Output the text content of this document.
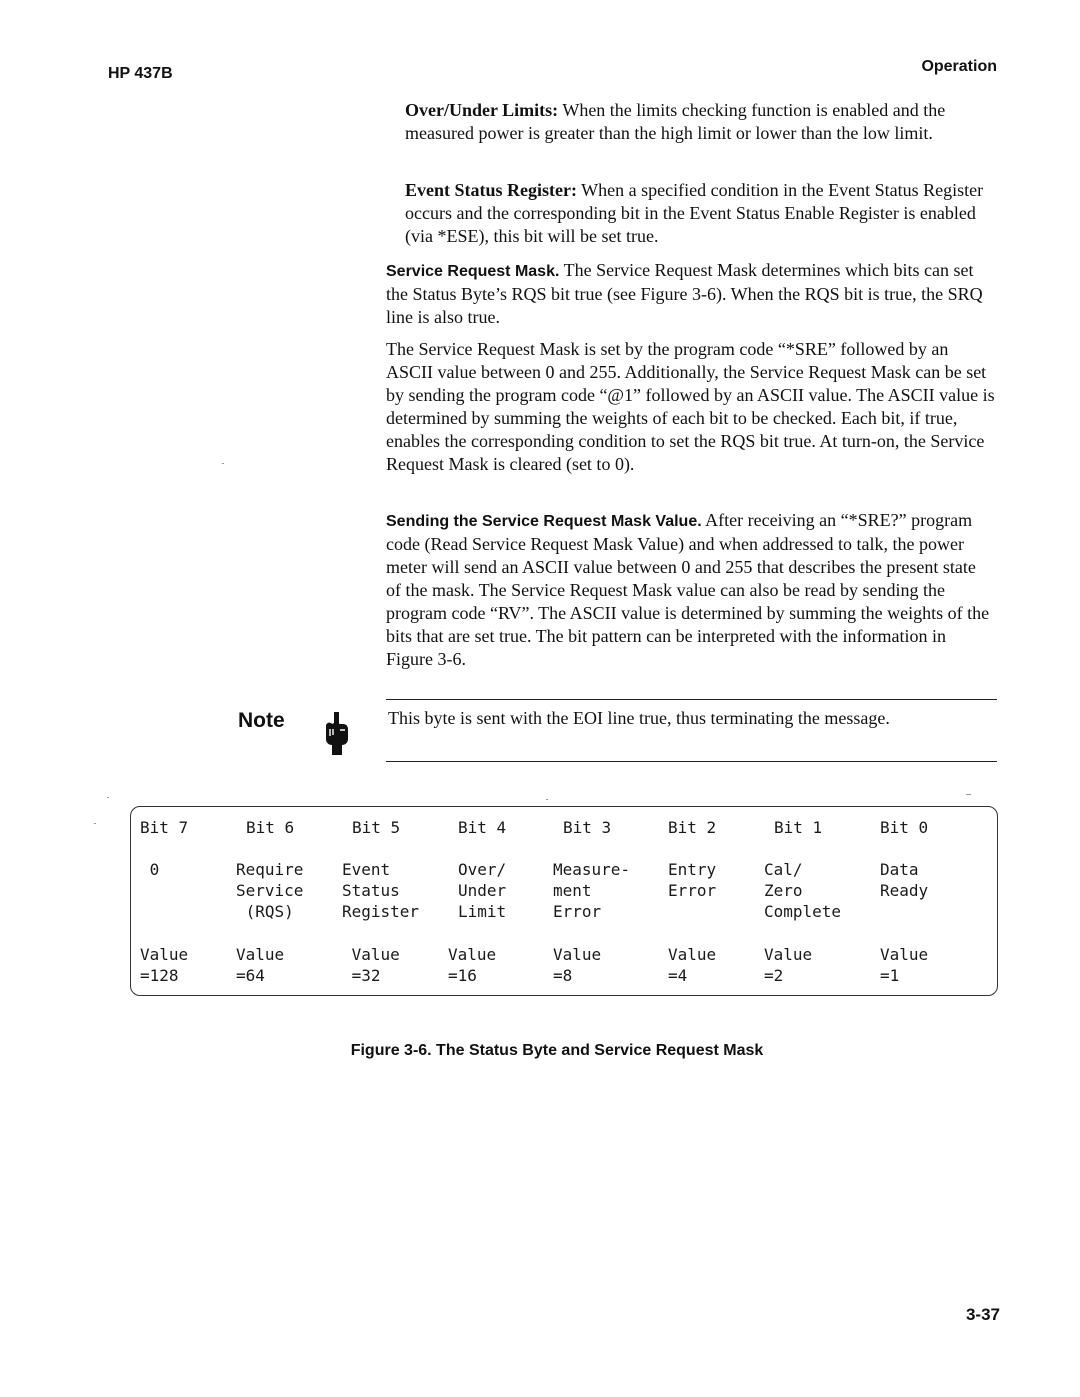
HP 437B	Operation

Over/Under Limits: When the limits checking function is enabled and the measured power is greater than the high limit or lower than the low limit.

Event Status Register: When a specified condition in the Event Status Register occurs and the corresponding bit in the Event Status Enable Register is enabled (via *ESE), this bit will be set true.

Service Request Mask. The Service Request Mask determines which bits can set the Status Byte’s RQS bit true (see Figure 3-6). When the RQS bit is true, the SRQ line is also true.

The Service Request Mask is set by the program code “*SRE” followed by an ASCII value between 0 and 255. Additionally, the Service Request Mask can be set by sending the program code “@1” followed by an ASCII value. The ASCII value is determined by summing the weights of each bit to be checked. Each bit, if true, enables the corresponding condition to set the RQS bit true. At turn-on, the Service Request Mask is cleared (set to 0).

Sending the Service Request Mask Value. After receiving an “*SRE?” program code (Read Service Request Mask Value) and when addressed to talk, the power meter will send an ASCII value between 0 and 255 that describes the present state of the mask. The Service Request Mask value can also be read by sending the program code “RV”. The ASCII value is determined by summing the weights of the bits that are set true. The bit pattern can be interpreted with the information in Figure 3-6.

Note	This byte is sent with the EOI line true, thus terminating the message.
Bit 7
0
Value
=128
Bit 6
Require
Service
(RQS)
Value
=64
Bit 5
Event
Status
Register
Value
=32
Bit 4
Over/
Under
Limit
Value
=16
Bit 3
Measure-
ment
Error
Value
=8
Bit 2
Entry
Error
Value
=4
Bit 1
Cal/
Zero
Complete
Value
=2
Bit 0
Data
Ready
Value
=1
Figure 3-6. The Status Byte and Service Request Mask
3-37
